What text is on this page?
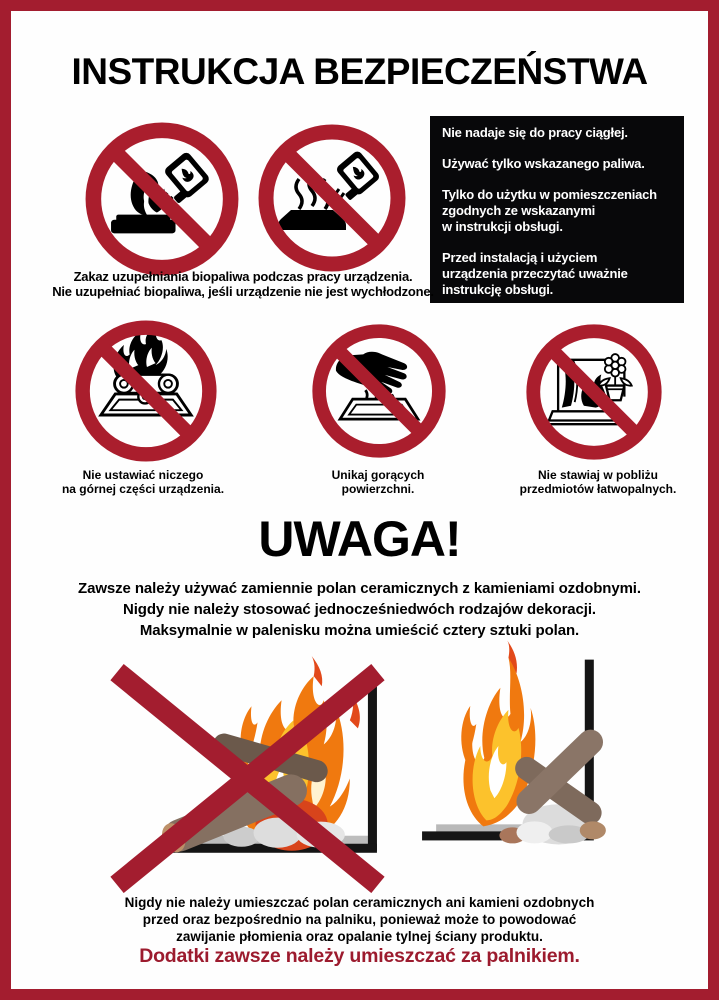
INSTRUKCJA BEZPIECZEŃSTWA
Nie nadaje się do pracy ciągłej.
Używać tylko wskazanego paliwa.
Tylko do użytku w pomieszczeniach
zgodnych ze wskazanymi
w instrukcji obsługi.
Przed instalacją i użyciem
urządzenia przeczytać uważnie
instrukcję obsługi.
Zakaz uzupełniania biopaliwa podczas pracy urządzenia.
Nie uzupełniać biopaliwa, jeśli urządzenie nie jest wychłodzone.
Nie ustawiać niczego
na górnej części urządzenia.
Unikaj gorących
powierzchni.
Nie stawiaj w pobliżu
przedmiotów łatwopalnych.
UWAGA!
Zawsze należy używać zamiennie polan ceramicznych z kamieniami ozdobnymi.
Nigdy nie należy stosować jednocześniedwóch rodzajów dekoracji.
Maksymalnie w palenisku można umieścić cztery sztuki polan.
Nigdy nie należy umieszczać polan ceramicznych ani kamieni ozdobnych
przed oraz bezpośrednio na palniku, ponieważ może to powodować
zawijanie płomienia oraz opalanie tylnej ściany produktu.
Dodatki zawsze należy umieszczać za palnikiem.
